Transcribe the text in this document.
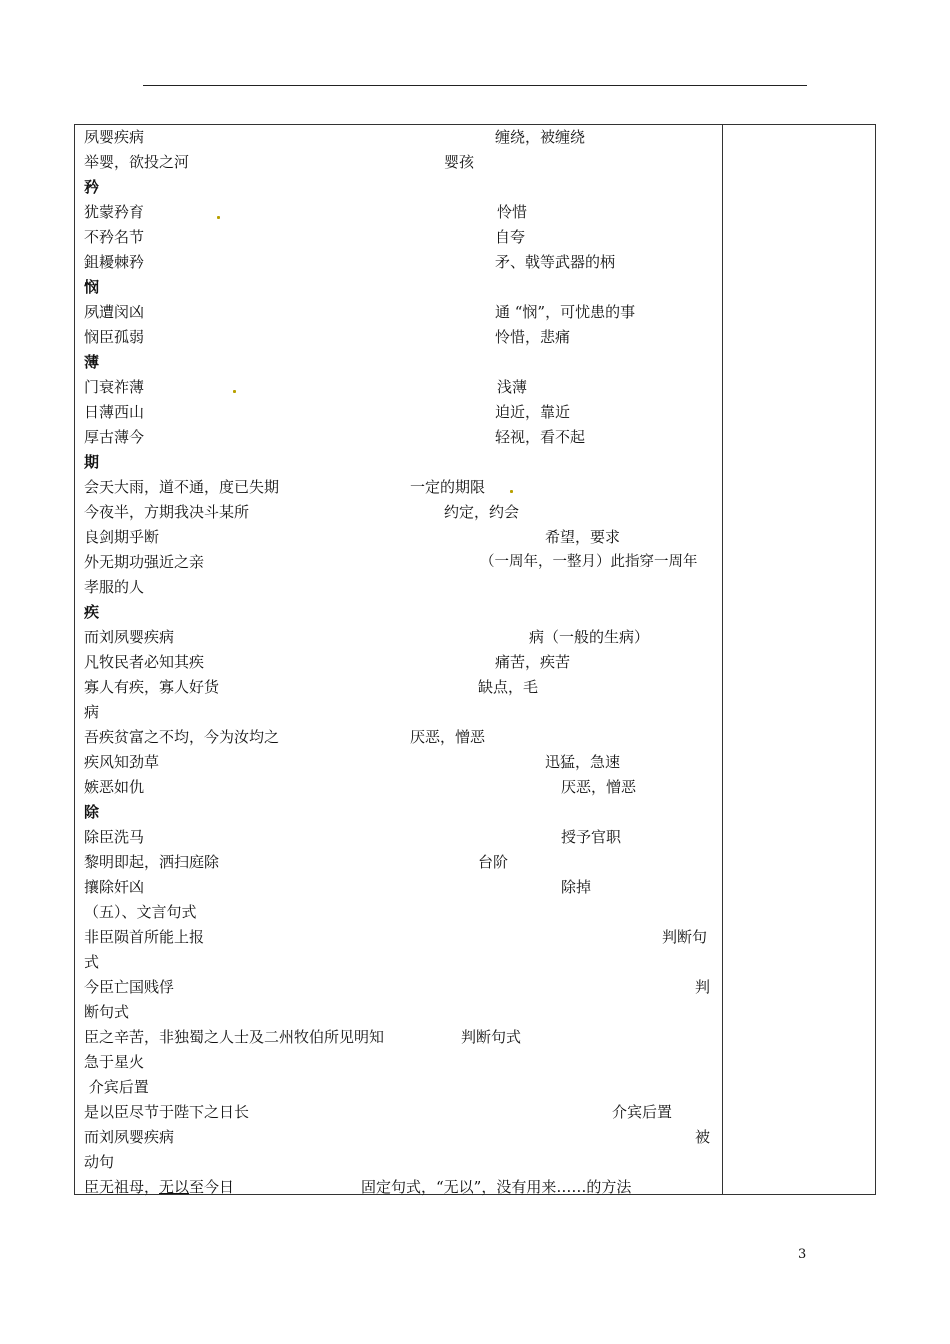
夙婴疾病	缠绕，被缠绕
举婴，欲投之河	婴孩
矜
犹蒙矜育	怜惜
不矜名节	自夸
鉏耰棘矜	矛、戟等武器的柄
悯
夙遭闵凶	通 “悯”，可忧患的事
悯臣孤弱	怜惜，悲痛
薄
门衰祚薄	浅薄
日薄西山	迫近，靠近
厚古薄今	轻视，看不起
期
会天大雨，道不通，度已失期	一定的期限
今夜半，方期我决斗某所	约定，约会
良剑期乎断	希望，要求
外无期功强近之亲	（一周年，一整月）此指穿一周年
孝服的人
疾
而刘夙婴疾病	病（一般的生病）
凡牧民者必知其疾	痛苦，疾苦
寡人有疾，寡人好货	缺点，毛
病
吾疾贫富之不均，今为汝均之	厌恶，憎恶
疾风知劲草	迅猛，急速
嫉恶如仇	厌恶，憎恶
除
除臣洗马	授予官职
黎明即起，洒扫庭除	台阶
攘除奸凶	除掉
（五）、文言句式
非臣陨首所能上报	判断句
式
今臣亡国贱俘	判
断句式
臣之辛苦，非独蜀之人士及二州牧伯所见明知	判断句式
急于星火
介宾后置
是以臣尽节于陛下之日长	介宾后置
而刘夙婴疾病	被
动句
臣无祖母，无以至今日	固定句式，“无以”，没有用来……的方法
3
